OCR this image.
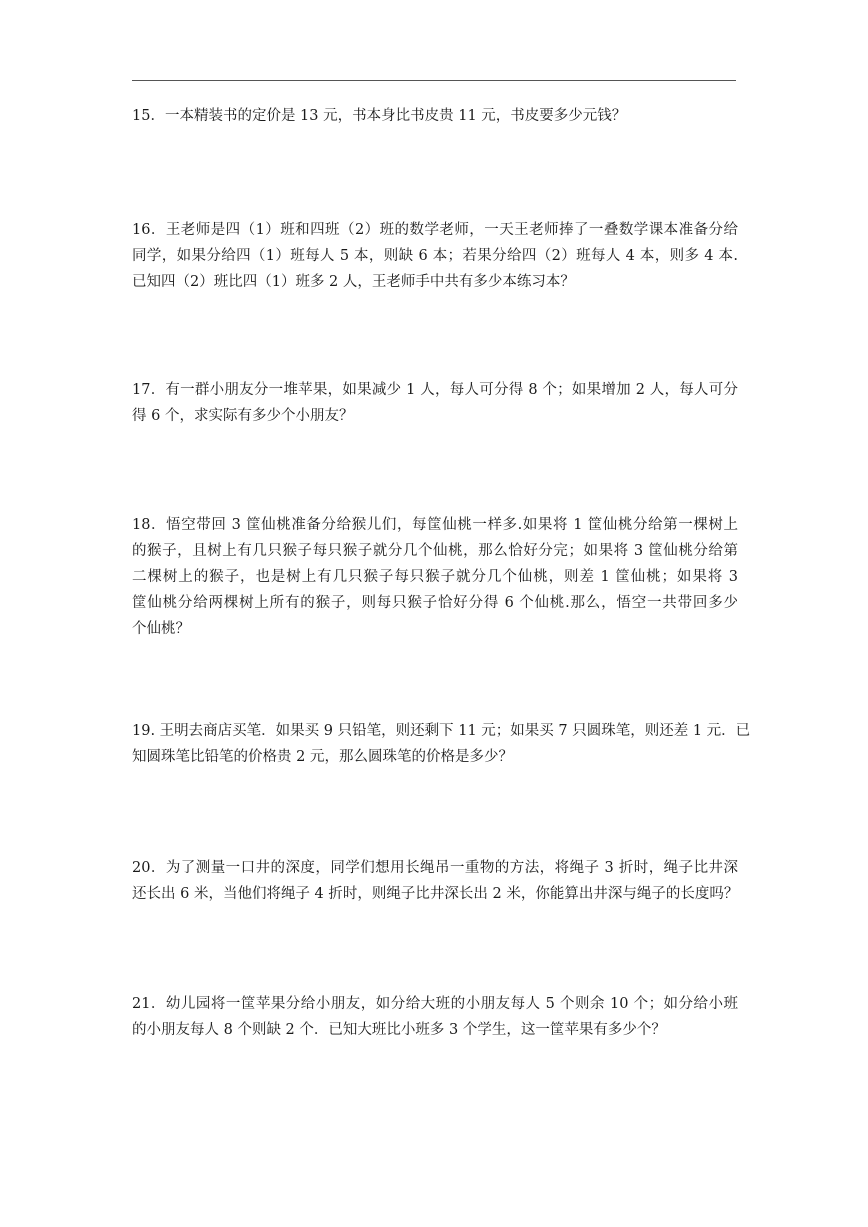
15．一本精装书的定价是 13 元，书本身比书皮贵 11 元，书皮要多少元钱？
16．王老师是四（1）班和四班（2）班的数学老师，一天王老师捧了一叠数学课本准备分给
同学，如果分给四（1）班每人 5 本，则缺 6 本；若果分给四（2）班每人 4 本，则多 4 本.
已知四（2）班比四（1）班多 2 人，王老师手中共有多少本练习本？
17．有一群小朋友分一堆苹果，如果减少 1 人，每人可分得 8 个；如果增加 2 人，每人可分
得 6 个，求实际有多少个小朋友？
18．悟空带回 3 筐仙桃准备分给猴儿们，每筐仙桃一样多.如果将 1 筐仙桃分给第一棵树上
的猴子，且树上有几只猴子每只猴子就分几个仙桃，那么恰好分完；如果将 3 筐仙桃分给第
二棵树上的猴子，也是树上有几只猴子每只猴子就分几个仙桃，则差 1 筐仙桃；如果将 3
筐仙桃分给两棵树上所有的猴子，则每只猴子恰好分得 6 个仙桃.那么，悟空一共带回多少
个仙桃？
19. 王明去商店买笔．如果买 9 只铅笔，则还剩下 11 元；如果买 7 只圆珠笔，则还差 1 元．已
知圆珠笔比铅笔的价格贵 2 元，那么圆珠笔的价格是多少？
20．为了测量一口井的深度，同学们想用长绳吊一重物的方法，将绳子 3 折时，绳子比井深
还长出 6 米，当他们将绳子 4 折时，则绳子比井深长出 2 米，你能算出井深与绳子的长度吗？
21．幼儿园将一筐苹果分给小朋友，如分给大班的小朋友每人 5 个则余 10 个；如分给小班
的小朋友每人 8 个则缺 2 个．已知大班比小班多 3 个学生，这一筐苹果有多少个？
